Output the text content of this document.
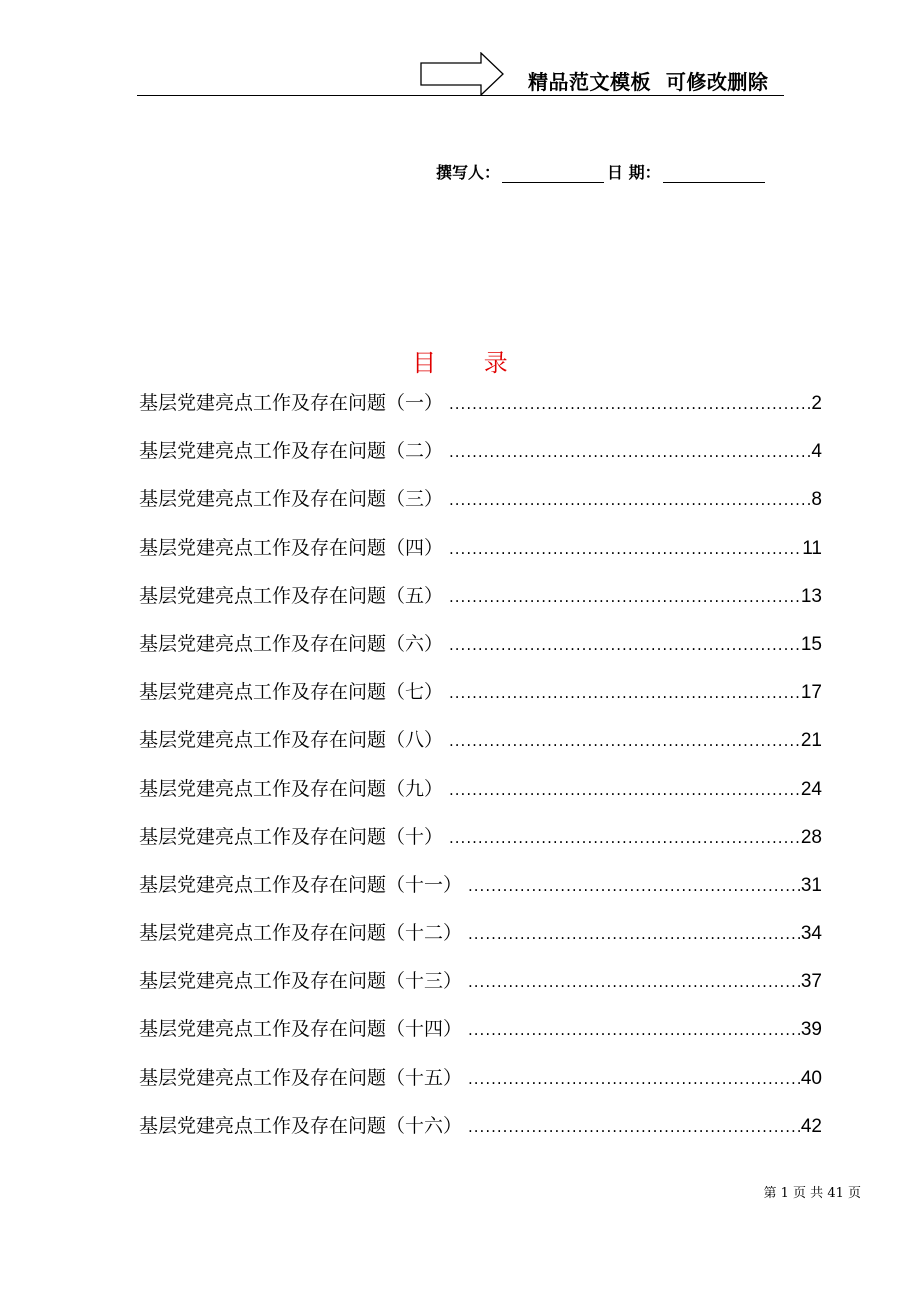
精品范文模板  可修改删除
撰写人：	日 期：
目 录
基层党建亮点工作及存在问题（一） .....	2
基层党建亮点工作及存在问题（二） .....	4
基层党建亮点工作及存在问题（三） .....	8
基层党建亮点工作及存在问题（四） .....	11
基层党建亮点工作及存在问题（五） .....	13
基层党建亮点工作及存在问题（六） .....	15
基层党建亮点工作及存在问题（七） .....	17
基层党建亮点工作及存在问题（八） .....	21
基层党建亮点工作及存在问题（九） .....	24
基层党建亮点工作及存在问题（十） .....	28
基层党建亮点工作及存在问题（十一） .....	31
基层党建亮点工作及存在问题（十二） .....	34
基层党建亮点工作及存在问题（十三） .....	37
基层党建亮点工作及存在问题（十四） .....	39
基层党建亮点工作及存在问题（十五） .....	40
基层党建亮点工作及存在问题（十六） .....	42
第 1 页 共 41 页
